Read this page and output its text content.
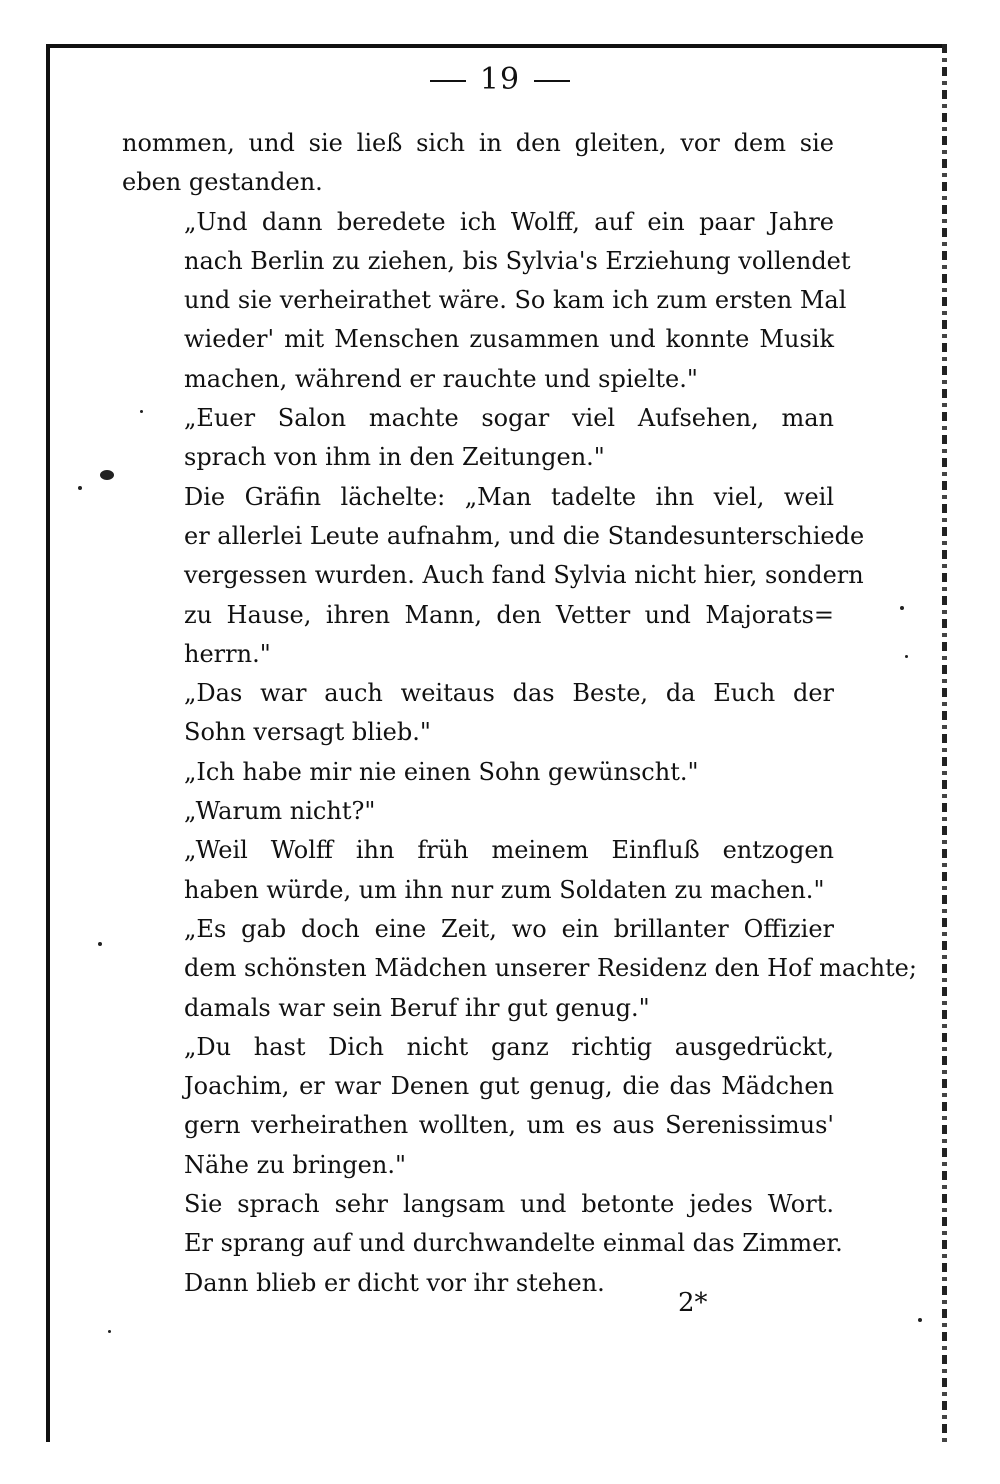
19

nommen, und sie ließ sich in den gleiten, vor dem sie
eben gestanden.

„Und dann beredete ich Wolff, auf ein paar Jahre
nach Berlin zu ziehen, bis Sylvia's Erziehung vollendet
und sie verheirathet wäre. So kam ich zum ersten Mal
wieder' mit Menschen zusammen und konnte Musik
machen, während er rauchte und spielte."

„Euer Salon machte sogar viel Aufsehen, man
sprach von ihm in den Zeitungen."

Die Gräfin lächelte: „Man tadelte ihn viel, weil
er allerlei Leute aufnahm, und die Standesunterschiede
vergessen wurden. Auch fand Sylvia nicht hier, sondern
zu Hause, ihren Mann, den Vetter und Majorats=
herrn."

„Das war auch weitaus das Beste, da Euch der
Sohn versagt blieb."

„Ich habe mir nie einen Sohn gewünscht."

„Warum nicht?"

„Weil Wolff ihn früh meinem Einfluß entzogen
haben würde, um ihn nur zum Soldaten zu machen."

„Es gab doch eine Zeit, wo ein brillanter Offizier
dem schönsten Mädchen unserer Residenz den Hof machte;
damals war sein Beruf ihr gut genug."

„Du hast Dich nicht ganz richtig ausgedrückt,
Joachim, er war Denen gut genug, die das Mädchen
gern verheirathen wollten, um es aus Serenissimus'
Nähe zu bringen."

Sie sprach sehr langsam und betonte jedes Wort.
Er sprang auf und durchwandelte einmal das Zimmer.
Dann blieb er dicht vor ihr stehen.

2*
